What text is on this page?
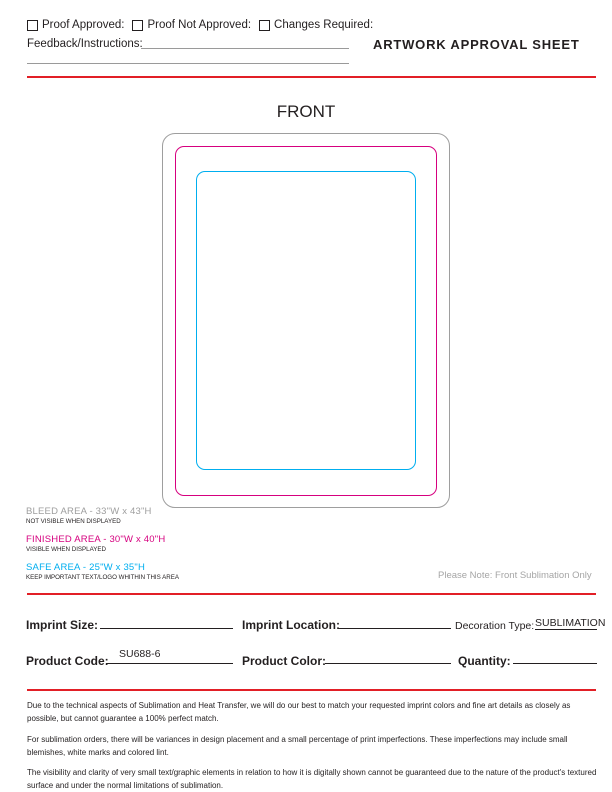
Proof Approved: Proof Not Approved: Changes Required:
Feedback/Instructions:	ARTWORK APPROVAL SHEET
FRONT
BLEED AREA - 33"W x 43"H
NOT VISIBLE WHEN DISPLAYED
FINISHED AREA - 30"W x 40"H
VISIBLE WHEN DISPLAYED
SAFE AREA - 25"W x 35"H
KEEP IMPORTANT TEXT/LOGO WHITHIN THIS AREA	Please Note: Front Sublimation Only
Imprint Size:	Imprint Location:	Decoration Type: SUBLIMATION
Product Code: SU688-6	Product Color:	Quantity:
Due to the technical aspects of Sublimation and Heat Transfer, we will do our best to match your requested imprint colors and fine art details as closely as possible, but cannot guarantee a 100% perfect match.
For sublimation orders, there will be variances in design placement and a small percentage of print imperfections. These imperfections may include small blemishes, white marks and colored lint.
The visibility and clarity of very small text/graphic elements in relation to how it is digitally shown cannot be guaranteed due to the nature of the product's textured surface and under the normal limitations of sublimation.
